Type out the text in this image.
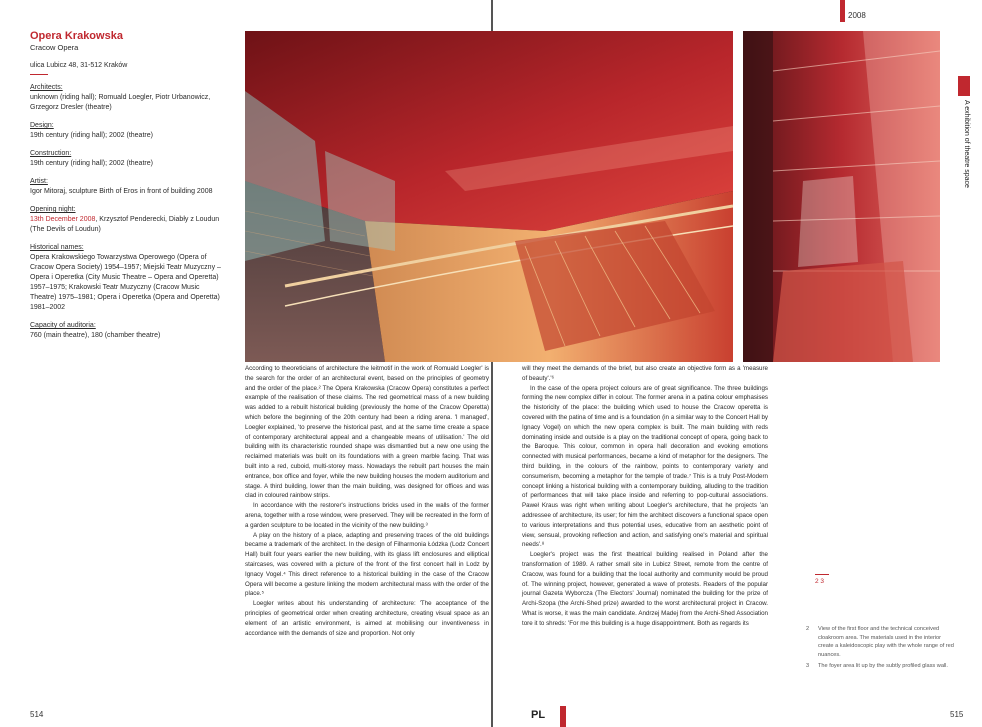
Opera Krakowska

Cracow Opera

ulica Lubicz 48, 31-512 Kraków

Architects:

unknown (riding hall); Romuald Loegler, Piotr Urbanowicz, Grzegorz Dresler (theatre)

Design:

19th century (riding hall); 2002 (theatre)

Construction:

19th century (riding hall); 2002 (theatre)

Artist:

Igor Mitoraj, sculpture Birth of Eros in front of building 2008

Opening night:

13th December 2008, Krzysztof Penderecki, Diabły z Loudun (The Devils of Loudun)

Historical names:

Opera Krakowskiego Towarzystwa Operowego (Opera of Cracow Opera Society) 1954–1957; Miejski Teatr Muzyczny – Opera i Operetka (City Music Theatre – Opera and Operetta) 1957–1975; Krakowski Teatr Muzyczny (Cracow Music Theatre) 1975–1981; Opera i Operetka (Opera and Operetta) 1981–2002

Capacity of auditoria:

760 (main theatre), 180 (chamber theatre)

According to theoreticians of architecture the leitmotif in the work of Romuald Loegler' is the search for the order of an architectural event, based on the principles of geometry and the order of the place.² The Opera Krakowska (Cracow Opera) constitutes a perfect example of the realisation of these claims. The red geometrical mass of a new building was added to a rebuilt historical building (previously the home of the Cracow Operetta) which before the beginning of the 20th century had been a riding arena. 'I managed', Loegler explained, 'to preserve the historical past, and at the same time create a space of contemporary architectural appeal and a changeable means of utilisation.' The old building with its characteristic rounded shape was dismantled but a new one using the reclaimed materials was built on its foundations with a green marble facing. That was built into a red, cuboid, multi-storey mass. Nowadays the rebuilt part houses the main entrance, box office and foyer, while the new building houses the modern auditorium and stage. A third building, lower than the main building, was designed for offices and was clad in coloured rainbow strips.

In accordance with the restorer's instructions bricks used in the walls of the former arena, together with a rose window, were preserved. They will be recreated in the form of a garden sculpture to be located in the vicinity of the new building.³

A play on the history of a place, adapting and preserving traces of the old buildings became a trademark of the architect. In the design of Filharmonia Łódzka (Lodz Concert Hall) built four years earlier the new building, with its glass lift enclosures and elliptical staircases, was covered with a picture of the front of the first concert hall in Lodz by Ignacy Vogel.⁴ This direct reference to a historical building in the case of the Cracow Opera will become a gesture linking the modern architectural mass with the order of the place.⁵

Loegler writes about his understanding of architecture: 'The acceptance of the principles of geometrical order when creating architecture, creating visual space as an element of an artistic environment, is aimed at mobilising our inventiveness in accordance with the demands of size and proportion. Not only

will they meet the demands of the brief, but also create an objective form as a 'measure of beauty'.'⁶

In the case of the opera project colours are of great significance. The three buildings forming the new complex differ in colour. The former arena in a patina colour emphasises the historicity of the place: the building which used to house the Cracow operetta is covered with the patina of time and is a foundation (in a similar way to the Concert Hall by Ignacy Vogel) on which the new opera complex is built. The main building with reds dominating inside and outside is a play on the traditional concept of opera, going back to the Baroque. This colour, common in opera hall decoration and evoking emotions connected with musical performances, became a kind of metaphor for the designers. The third building, in the colours of the rainbow, points to contemporary variety and consumerism, becoming a metaphor for the temple of trade.⁷ This is a truly Post-Modern concept linking a historical building with a contemporary building, alluding to the tradition of performances that will take place inside and referring to pop-cultural associations. Paweł Kraus was right when writing about Loegler's architecture, that he projects 'an addressee of architecture, its user; for him the architect discovers a functional space open to various interpretations and thus potential uses, educative from an aesthetic point of view, sensual, provoking reflection and action, and satisfying one's material and spiritual needs'.⁸

Loegler's project was the first theatrical building realised in Poland after the transformation of 1989. A rather small site in Lubicz Street, remote from the centre of Cracow, was found for a building that the local authority and community would be proud of. The winning project, however, generated a wave of protests. Readers of the popular journal Gazeta Wyborcza (The Electors' Journal) nominated the building for the prize of Archi-Szopa (the Archi-Shed prize) awarded to the worst architectural project in Cracow. What is worse, it was the main candidate. Andrzej Madej from the Archi-Shed Association tore it to shreds: 'For me this building is a huge disappointment. Both as regards its

2008
A exhibition of theatre space
2 3
2	View of the first floor and the technical conceived cloakroom area. The materials used in the interior create a kaleidoscopic play with the whole range of red nuances.
3	The foyer area lit up by the subtly profiled glass wall.
514	515
PL
